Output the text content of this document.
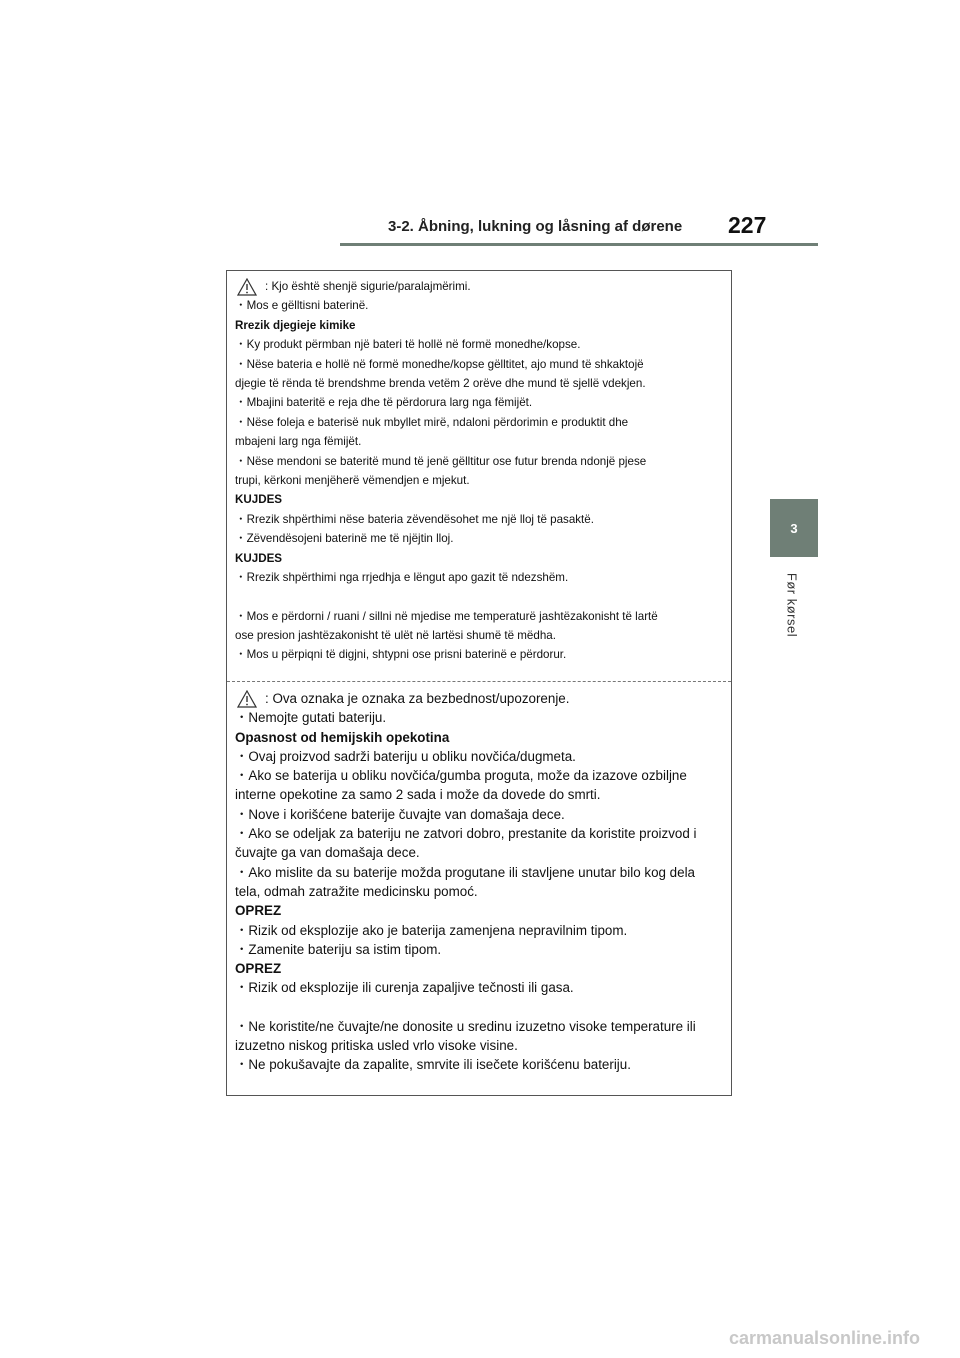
3-2. Åbning, lukning og låsning af dørene 227
3
Før kørsel
: Kjo është shenjë sigurie/paralajmërimi.
・Mos e gëlltisni baterinë.
Rrezik djegieje kimike
・Ky produkt përmban një bateri të hollë në formë monedhe/kopse.
・Nëse bateria e hollë në formë monedhe/kopse gëlltitet, ajo mund të shkaktojë
djegie të rënda të brendshme brenda vetëm 2 orëve dhe mund të sjellë vdekjen.
・Mbajini bateritë e reja dhe të përdorura larg nga fëmijët.
・Nëse foleja e baterisë nuk mbyllet mirë, ndaloni përdorimin e produktit dhe
mbajeni larg nga fëmijët.
・Nëse mendoni se bateritë mund të jenë gëlltitur ose futur brenda ndonjë pjese
trupi, kërkoni menjëherë vëmendjen e mjekut.
KUJDES
・Rrezik shpërthimi nëse bateria zëvendësohet me një lloj të pasaktë.
・Zëvendësojeni baterinë me të njëjtin lloj.
KUJDES
・Rrezik shpërthimi nga rrjedhja e lëngut apo gazit të ndezshëm.
・Mos e përdorni / ruani / sillni në mjedise me temperaturë jashtëzakonisht të lartë
ose presion jashtëzakonisht të ulët në lartësi shumë të mëdha.
・Mos u përpiqni të digjni, shtypni ose prisni baterinë e përdorur.
: Ova oznaka je oznaka za bezbednost/upozorenje.
・Nemojte gutati bateriju.
Opasnost od hemijskih opekotina
・Ovaj proizvod sadrži bateriju u obliku novčića/dugmeta.
・Ako se baterija u obliku novčića/gumba proguta, može da izazove ozbiljne
interne opekotine za samo 2 sada i može da dovede do smrti.
・Nove i korišćene baterije čuvajte van domašaja dece.
・Ako se odeljak za bateriju ne zatvori dobro, prestanite da koristite proizvod i
čuvajte ga van domašaja dece.
・Ako mislite da su baterije možda progutane ili stavljene unutar bilo kog dela
tela, odmah zatražite medicinsku pomoć.
OPREZ
・Rizik od eksplozije ako je baterija zamenjena nepravilnim tipom.
・Zamenite bateriju sa istim tipom.
OPREZ
・Rizik od eksplozije ili curenja zapaljive tečnosti ili gasa.
・Ne koristite/ne čuvajte/ne donosite u sredinu izuzetno visoke temperature ili
izuzetno niskog pritiska usled vrlo visoke visine.
・Ne pokušavajte da zapalite, smrvite ili isečete korišćenu bateriju.
carmanualsonline.info
